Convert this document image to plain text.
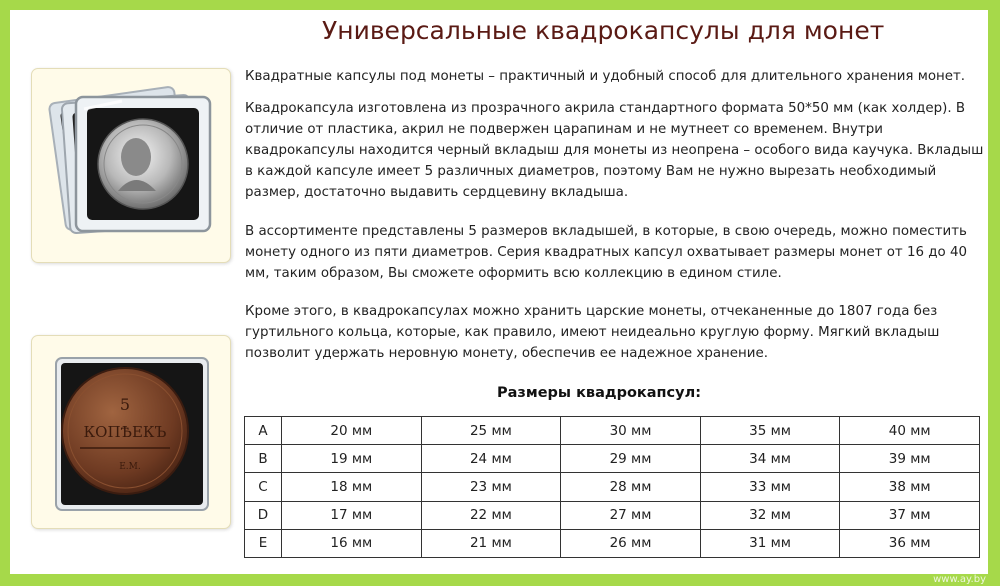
Универсальные квадрокапсулы для монет
5
КОПѢЕКЪ
Е.М.

Квадратные капсулы под монеты – практичный и удобный способ для длительного хранения монет.

Квадрокапсула изготовлена из прозрачного акрила стандартного формата 50*50 мм (как холдер). В отличие от пластика, акрил не подвержен царапинам и не мутнеет со временем. Внутри квадрокапсулы находится черный вкладыш для монеты из неопрена – особого вида каучука. Вкладыш в каждой капсуле имеет 5 различных диаметров, поэтому Вам не нужно вырезать необходимый размер, достаточно выдавить сердцевину вкладыша.

В ассортименте представлены 5 размеров вкладышей, в которые, в свою очередь, можно поместить монету одного из пяти диаметров. Серия квадратных капсул охватывает размеры монет от 16 до 40 мм, таким образом, Вы сможете оформить всю коллекцию в едином стиле.

Кроме этого, в квадрокапсулах можно хранить царские монеты, отчеканенные до 1807 года без гуртильного кольца, которые, как правило, имеют неидеально круглую форму. Мягкий вкладыш позволит удержать неровную монету, обеспечив ее надежное хранение.

Размеры квадрокапсул:
A	20 мм	25 мм	30 мм	35 мм	40 мм
B	19 мм	24 мм	29 мм	34 мм	39 мм
C	18 мм	23 мм	28 мм	33 мм	38 мм
D	17 мм	22 мм	27 мм	32 мм	37 мм
E	16 мм	21 мм	26 мм	31 мм	36 мм
www.ay.by
